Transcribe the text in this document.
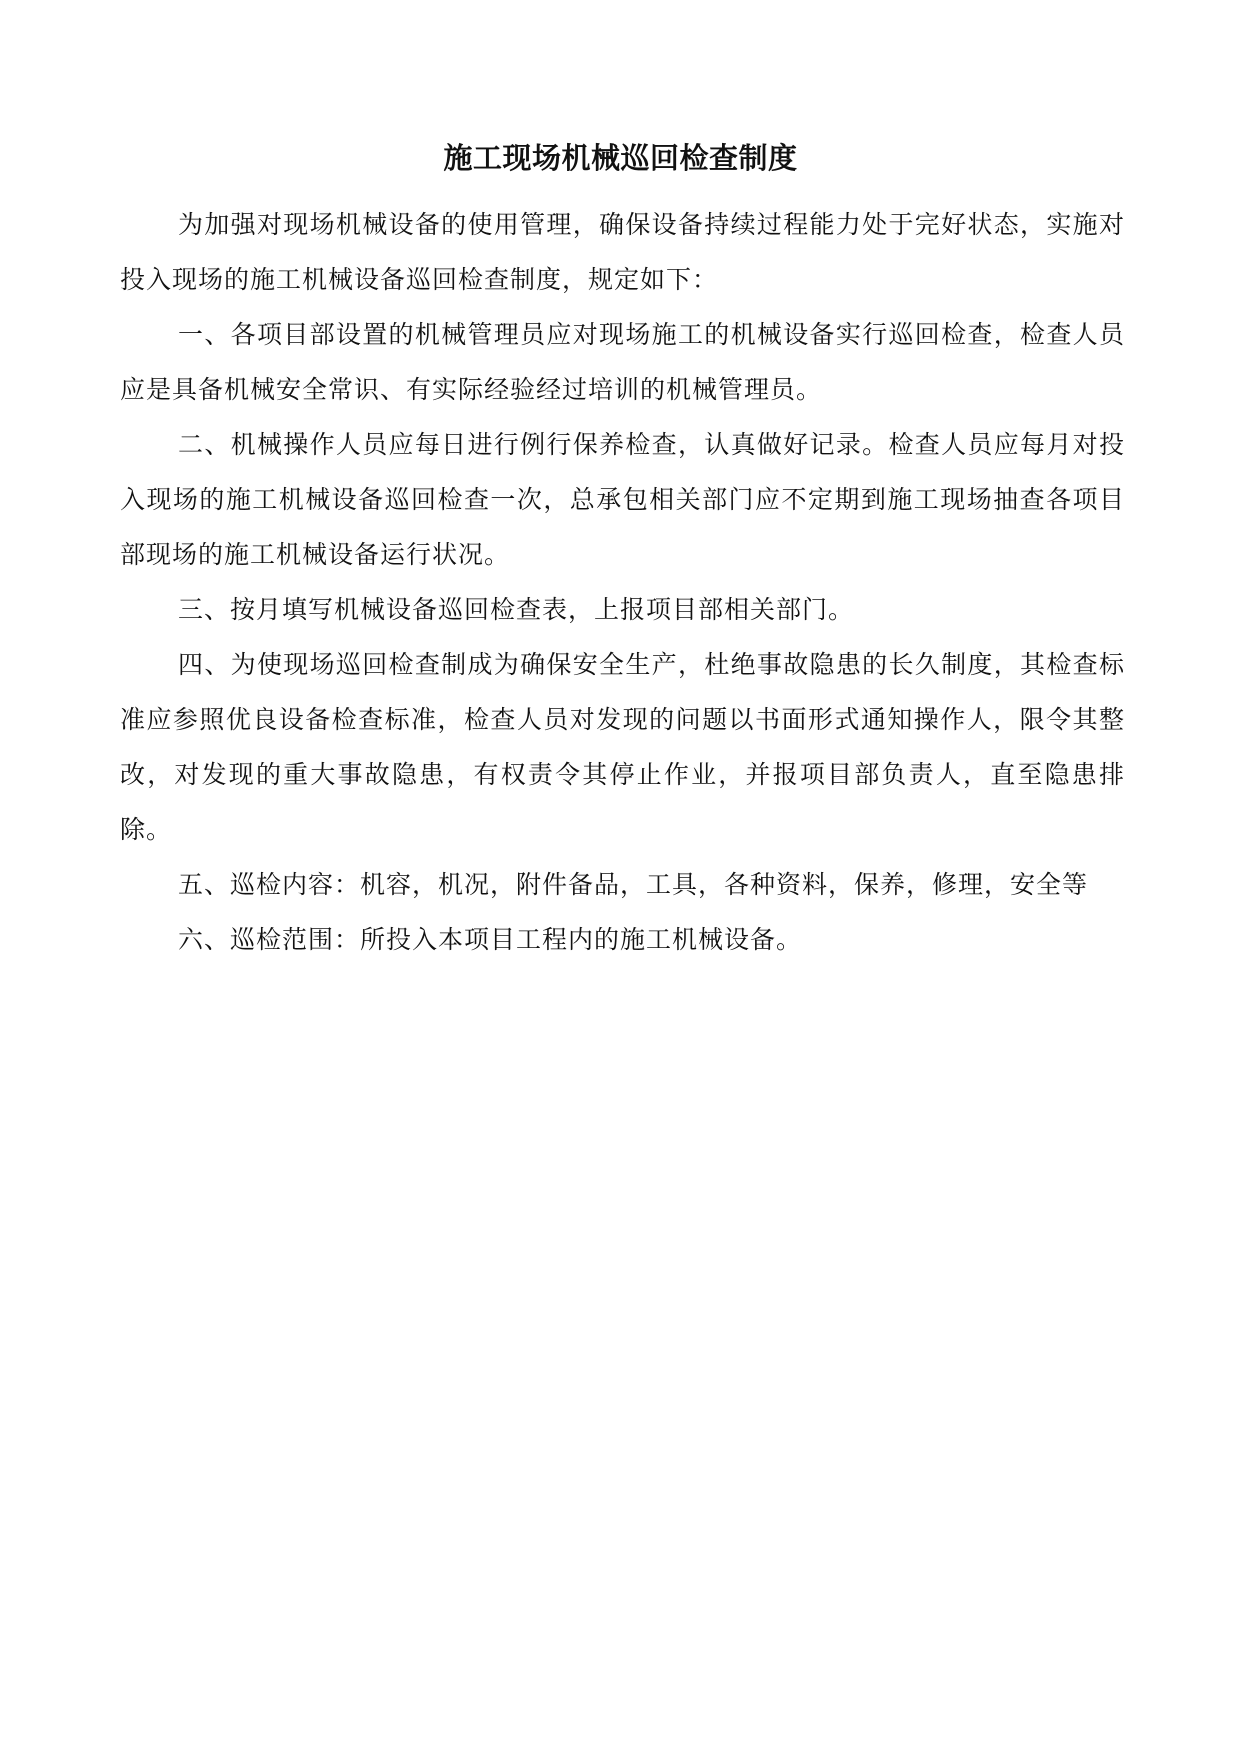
施工现场机械巡回检查制度

为加强对现场机械设备的使用管理，确保设备持续过程能力处于完好状态，实施对投入现场的施工机械设备巡回检查制度，规定如下：

一、各项目部设置的机械管理员应对现场施工的机械设备实行巡回检查，检查人员应是具备机械安全常识、有实际经验经过培训的机械管理员。

二、机械操作人员应每日进行例行保养检查，认真做好记录。检查人员应每月对投入现场的施工机械设备巡回检查一次，总承包相关部门应不定期到施工现场抽查各项目部现场的施工机械设备运行状况。

三、按月填写机械设备巡回检查表，上报项目部相关部门。

四、为使现场巡回检查制成为确保安全生产，杜绝事故隐患的长久制度，其检查标准应参照优良设备检查标准，检查人员对发现的问题以书面形式通知操作人，限令其整改，对发现的重大事故隐患，有权责令其停止作业，并报项目部负责人，直至隐患排除。

五、巡检内容：机容，机况，附件备品，工具，各种资料，保养，修理，安全等

六、巡检范围：所投入本项目工程内的施工机械设备。
